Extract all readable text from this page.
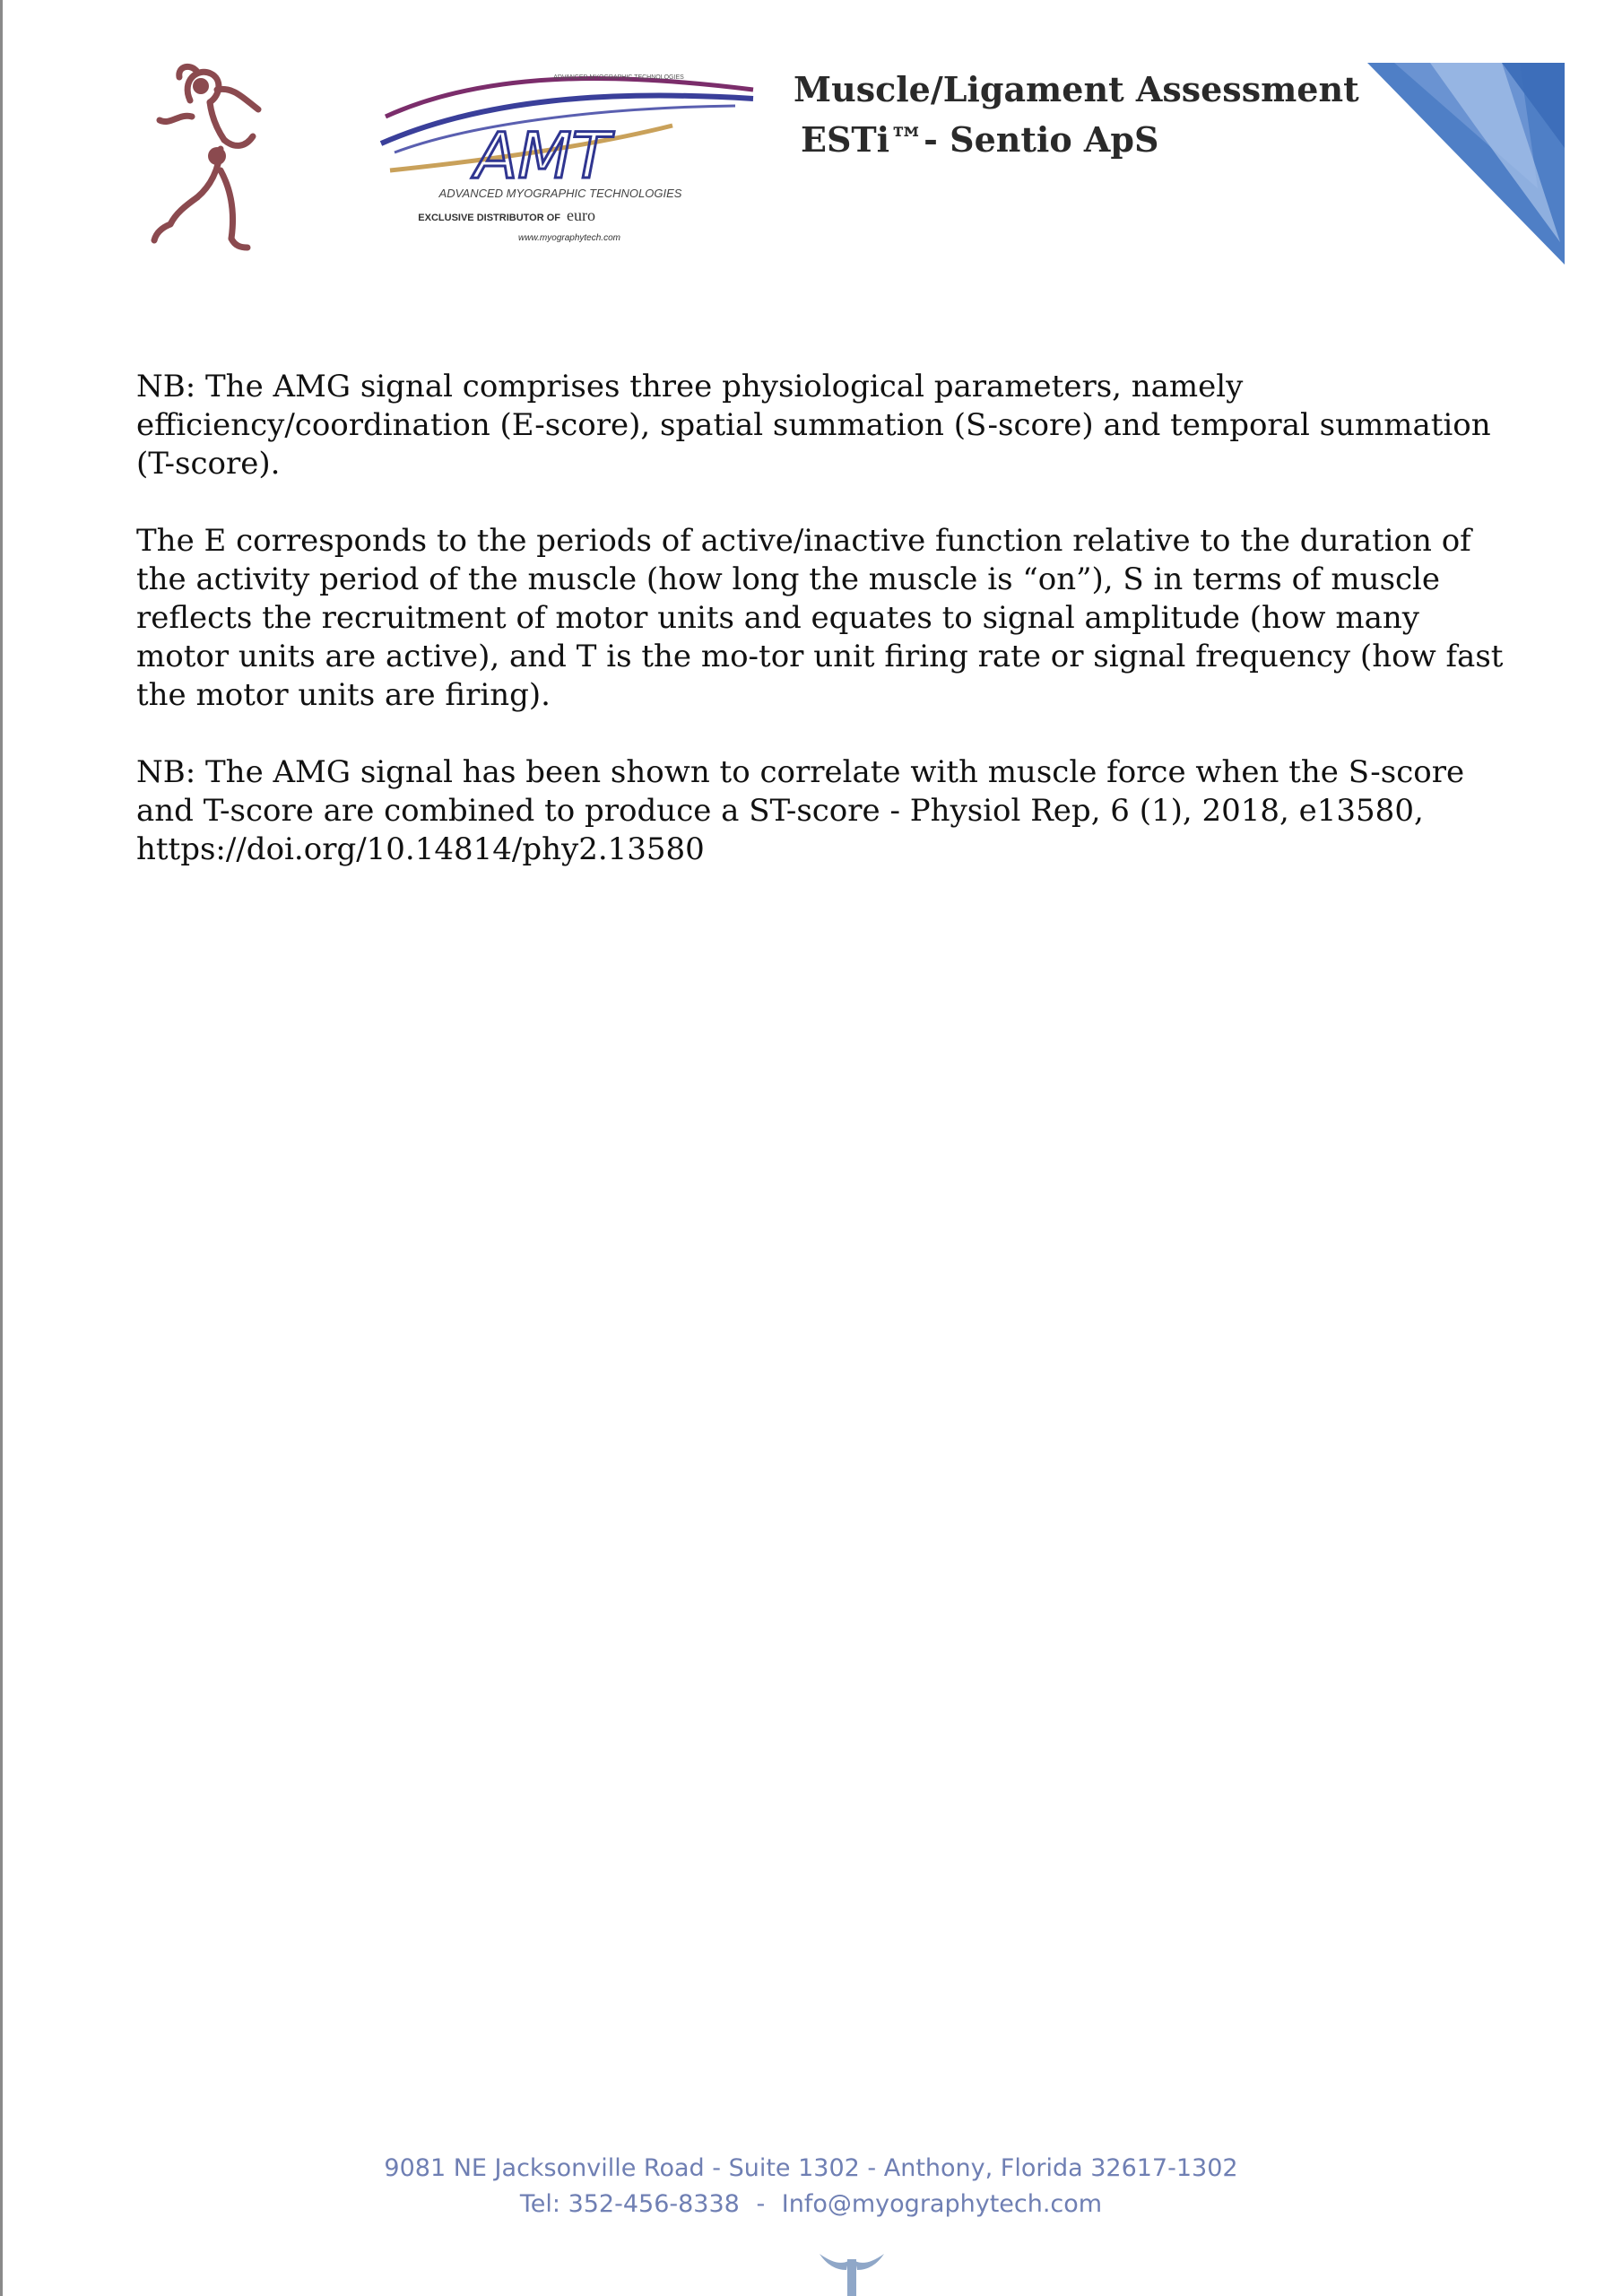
ADVANCED MYOGRAPHIC TECHNOLOGIES
AMT
ADVANCED MYOGRAPHIC TECHNOLOGIES
EXCLUSIVE DISTRIBUTOR OF euro
www.myographytech.com
Muscle/Ligament Assessment
ESTi™- Sentio ApS

NB: The AMG signal comprises three physiological parameters, namely efficiency/coordination (E-score), spatial summation (S-score) and temporal summation (T-score).

The E corresponds to the periods of active/inactive function relative to the duration of the activity period of the muscle (how long the muscle is “on”), S in terms of muscle reflects the recruitment of motor units and equates to signal amplitude (how many motor units are active), and T is the mo-tor unit firing rate or signal frequency (how fast the motor units are firing).

NB: The AMG signal has been shown to correlate with muscle force when the S-score and T-score are combined to produce a ST-score - Physiol Rep, 6 (1), 2018, e13580,
https://doi.org/10.14814/phy2.13580

9081 NE Jacksonville Road - Suite 1302 - Anthony, Florida 32617-1302
Tel: 352-456-8338 - Info@myographytech.com
